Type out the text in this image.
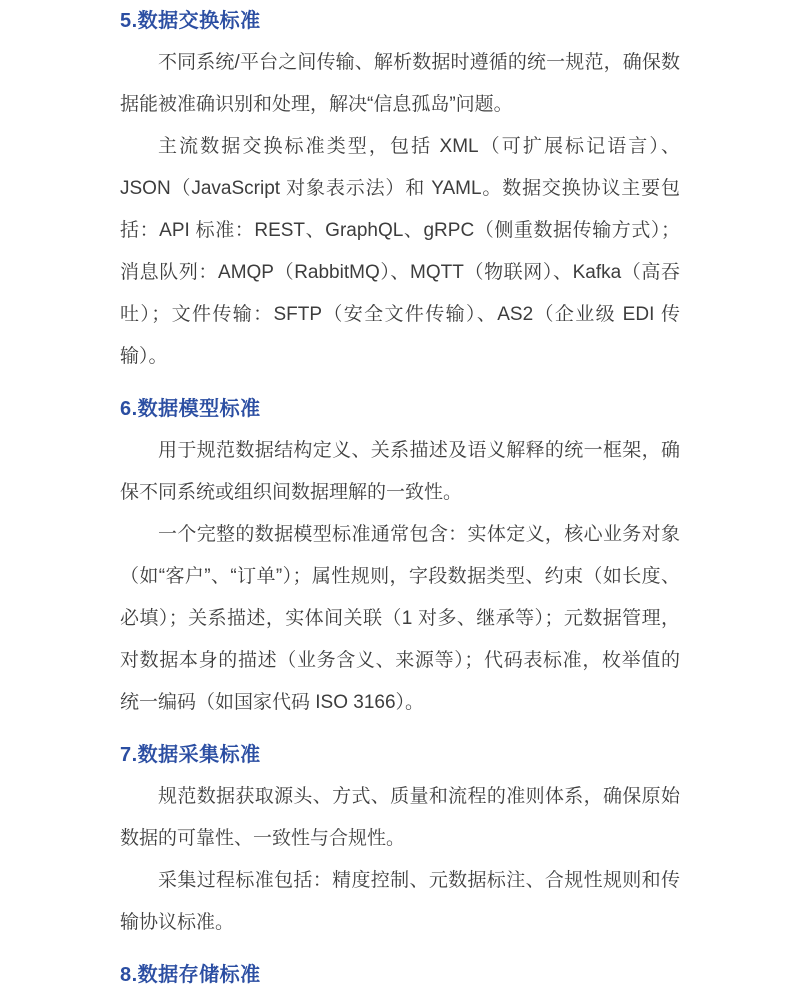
5.数据交换标准

不同系统/平台之间传输、解析数据时遵循的统一规范，确保数据能被准确识别和处理，解决“信息孤岛”问题。

主流数据交换标准类型，包括 XML（可扩展标记语言）、JSON（JavaScript 对象表示法）和 YAML。数据交换协议主要包括：API 标准：REST、GraphQL、gRPC（侧重数据传输方式）；消息队列：AMQP（RabbitMQ）、MQTT（物联网）、Kafka（高吞吐）；文件传输：SFTP（安全文件传输）、AS2（企业级 EDI 传输）。

6.数据模型标准

用于规范数据结构定义、关系描述及语义解释的统一框架，确保不同系统或组织间数据理解的一致性。

一个完整的数据模型标准通常包含：实体定义，核心业务对象（如“客户”、“订单”）；属性规则，字段数据类型、约束（如长度、必填）；关系描述，实体间关联（1 对多、继承等）；元数据管理，对数据本身的描述（业务含义、来源等）；代码表标准，枚举值的统一编码（如国家代码 ISO 3166）。

7.数据采集标准

规范数据获取源头、方式、质量和流程的准则体系，确保原始数据的可靠性、一致性与合规性。

采集过程标准包括：精度控制、元数据标注、合规性规则和传输协议标准。

8.数据存储标准
